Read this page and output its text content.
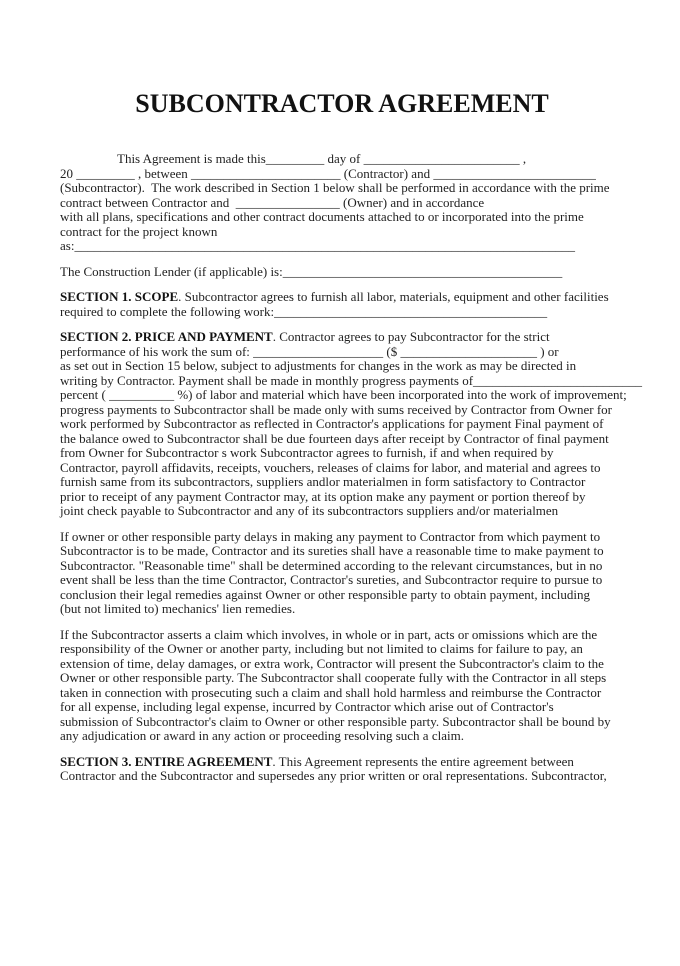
SUBCONTRACTOR AGREEMENT

This Agreement is made this_________ day of ________________________ ,
20 _________ , between _______________________ (Contractor) and _________________________
(Subcontractor).  The work described in Section 1 below shall be performed in accordance with the prime
contract between Contractor and  ________________ (Owner) and in accordance
with all plans, specifications and other contract documents attached to or incorporated into the prime
contract for the project known
as:_____________________________________________________________________________

The Construction Lender (if applicable) is:___________________________________________

SECTION 1. SCOPE. Subcontractor agrees to furnish all labor, materials, equipment and other facilities
required to complete the following work:__________________________________________

SECTION 2. PRICE AND PAYMENT. Contractor agrees to pay Subcontractor for the strict
performance of his work the sum of: ____________________ ($ _____________________ ) or
as set out in Section 15 below, subject to adjustments for changes in the work as may be directed in
writing by Contractor. Payment shall be made in monthly progress payments of__________________________
percent ( __________ %) of labor and material which have been incorporated into the work of improvement;
progress payments to Subcontractor shall be made only with sums received by Contractor from Owner for
work performed by Subcontractor as reflected in Contractor's applications for payment Final payment of
the balance owed to Subcontractor shall be due fourteen days after receipt by Contractor of final payment
from Owner for Subcontractor s work Subcontractor agrees to furnish, if and when required by
Contractor, payroll affidavits, receipts, vouchers, releases of claims for labor, and material and agrees to
furnish same from its subcontractors, suppliers andlor materialmen in form satisfactory to Contractor
prior to receipt of any payment Contractor may, at its option make any payment or portion thereof by
joint check payable to Subcontractor and any of its subcontractors suppliers and/or materialmen

If owner or other responsible party delays in making any payment to Contractor from which payment to
Subcontractor is to be made, Contractor and its sureties shall have a reasonable time to make payment to
Subcontractor. "Reasonable time" shall be determined according to the relevant circumstances, but in no
event shall be less than the time Contractor, Contractor's sureties, and Subcontractor require to pursue to
conclusion their legal remedies against Owner or other responsible party to obtain payment, including
(but not limited to) mechanics' lien remedies.

If the Subcontractor asserts a claim which involves, in whole or in part, acts or omissions which are the
responsibility of the Owner or another party, including but not limited to claims for failure to pay, an
extension of time, delay damages, or extra work, Contractor will present the Subcontractor's claim to the
Owner or other responsible party. The Subcontractor shall cooperate fully with the Contractor in all steps
taken in connection with prosecuting such a claim and shall hold harmless and reimburse the Contractor
for all expense, including legal expense, incurred by Contractor which arise out of Contractor's
submission of Subcontractor's claim to Owner or other responsible party. Subcontractor shall be bound by
any adjudication or award in any action or proceeding resolving such a claim.

SECTION 3. ENTIRE AGREEMENT. This Agreement represents the entire agreement between
Contractor and the Subcontractor and supersedes any prior written or oral representations. Subcontractor,
